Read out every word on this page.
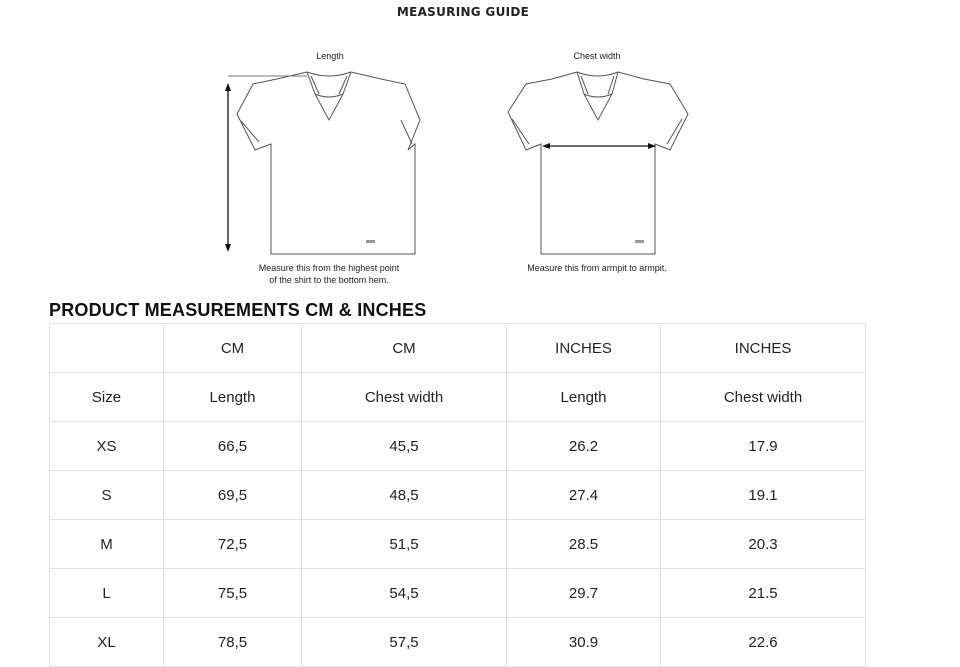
MEASURING GUIDE
Length
Measure this from the highest point
of the shirt to the bottom hem.
Chest width
Measure this from armpit to armpit.
PRODUCT MEASUREMENTS CM & INCHES
	CM	CM	INCHES	INCHES
Size	Length	Chest width	Length	Chest width
XS	66,5	45,5	26.2	17.9
S	69,5	48,5	27.4	19.1
M	72,5	51,5	28.5	20.3
L	75,5	54,5	29.7	21.5
XL	78,5	57,5	30.9	22.6
